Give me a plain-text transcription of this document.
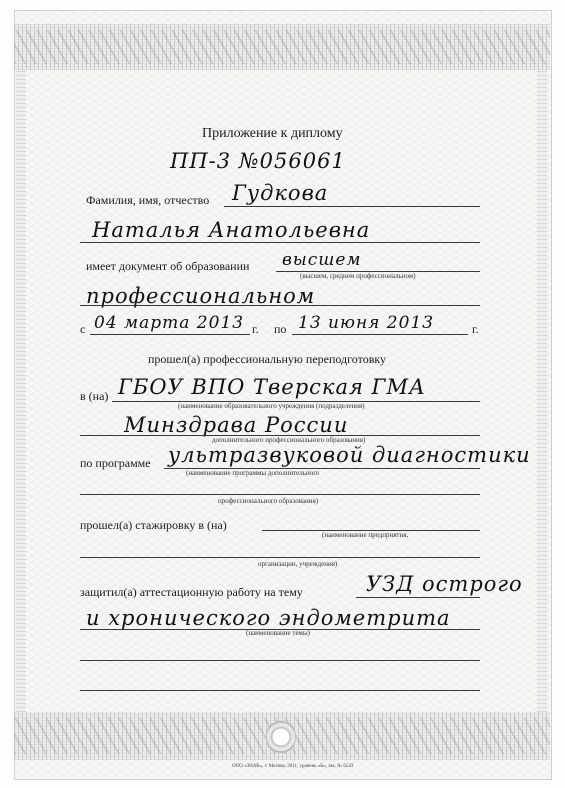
Приложение к диплому
ПП-3 №056061
Фамилия, имя, отчество Гудкова
Наталья Анатольевна
имеет документ об образовании высшем
(высшем, среднем профессиональном)
профессиональном
с 04 марта 2013 г. по 13 июня 2013	г.
прошел(а) профессиональную переподготовку
в (на) ГБОУ ВПО Тверская ГМА
(наименование образовательного учреждения (подразделения)
Минздрава России
дополнительного профессионального образования)
по программе ультразвуковой диагностики
(наименование программы дополнительного
профессионального образования)
прошел(а) стажировку в (на)
(наименование предприятия,
организации, учреждения)
защитил(а) аттестационную работу на тему	УЗД острого
и хронического эндометрита
(наименование темы)
ООО «ЗНАК», г. Москва, 2011, уровень «Б», зак. № 6543
